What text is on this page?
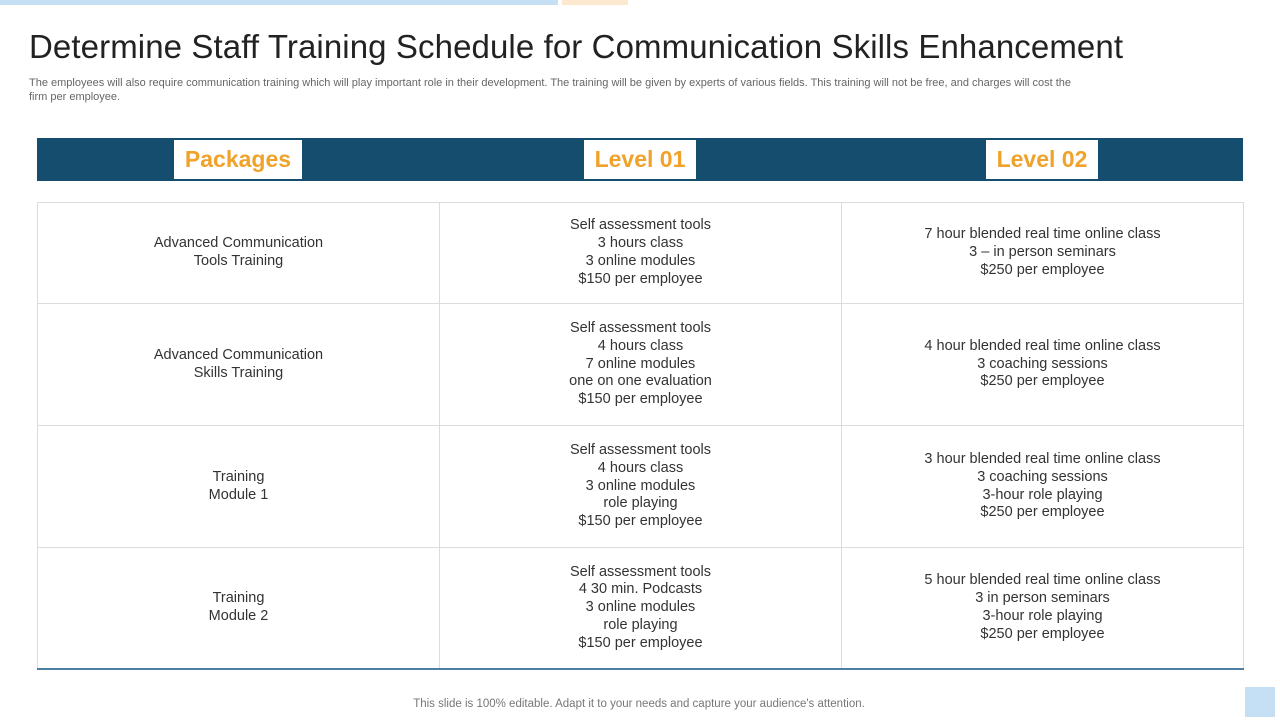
Determine Staff Training Schedule for Communication Skills Enhancement

The employees will also require communication training which will play important role in their development. The training will be given by experts of various fields. This training will not be free, and charges will cost the firm per employee.

Packages	Level 01	Level 02
Advanced Communication
Tools Training	Self assessment tools
3 hours class
3 online modules
$150 per employee	7 hour blended real time online class
3 – in person seminars
$250 per employee

Advanced Communication
Skills Training	Self assessment tools
4 hours class
7 online modules
one on one evaluation
$150 per employee	4 hour blended real time online class
3 coaching sessions
$250 per employee

Training
Module 1	Self assessment tools
4 hours class
3 online modules
role playing
$150 per employee	3 hour blended real time online class
3 coaching sessions
3-hour role playing
$250 per employee

Training
Module 2	Self assessment tools
4 30 min. Podcasts
3 online modules
role playing
$150 per employee	5 hour blended real time online class
3 in person seminars
3-hour role playing
$250 per employee
This slide is 100% editable. Adapt it to your needs and capture your audience's attention.
